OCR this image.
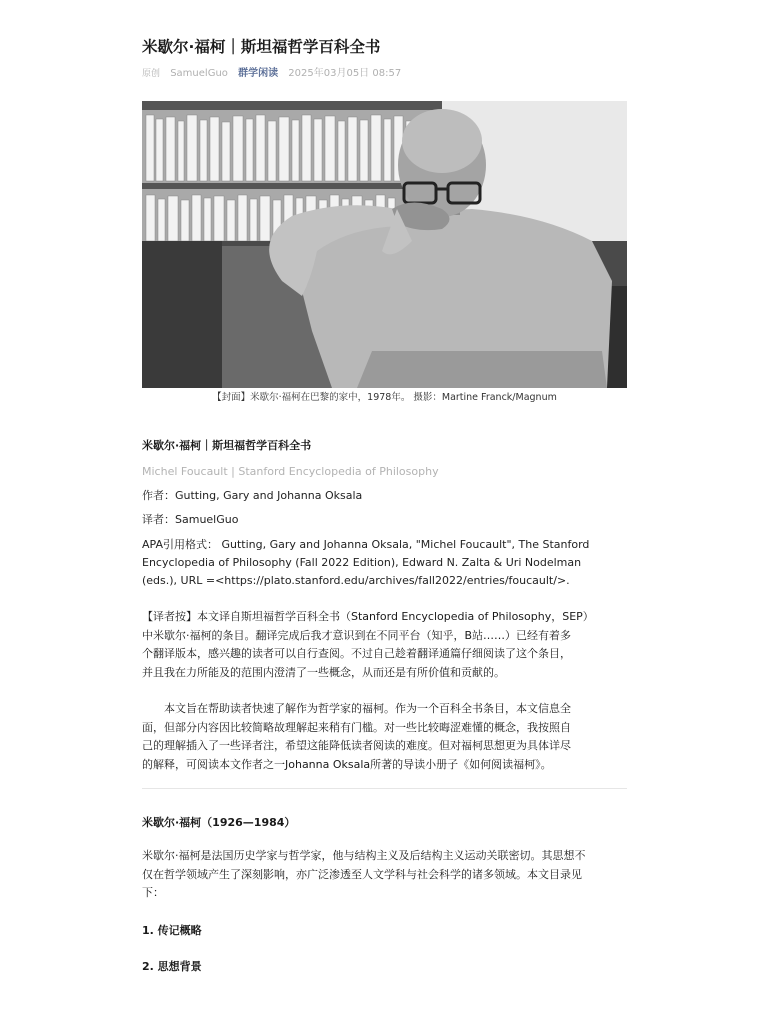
米歇尔·福柯｜斯坦福哲学百科全书
原创 SamuelGuo 群学闲读 2025年03月05日 08:57
【封面】米歇尔·福柯在巴黎的家中，1978年。 摄影：Martine Franck/Magnum
米歇尔·福柯｜斯坦福哲学百科全书
Michel Foucault | Stanford Encyclopedia of Philosophy
作者：Gutting, Gary and Johanna Oksala
译者：SamuelGuo
APA引用格式： Gutting, Gary and Johanna Oksala, "Michel Foucault", The Stanford
Encyclopedia of Philosophy (Fall 2022 Edition), Edward N. Zalta & Uri Nodelman
(eds.), URL =<https://plato.stanford.edu/archives/fall2022/entries/foucault/>.
【译者按】本文译自斯坦福哲学百科全书（Stanford Encyclopedia of Philosophy，SEP）
中米歇尔·福柯的条目。翻译完成后我才意识到在不同平台（知乎，B站……）已经有着多
个翻译版本，感兴趣的读者可以自行查阅。不过自己趁着翻译通篇仔细阅读了这个条目，
并且我在力所能及的范围内澄清了一些概念，从而还是有所价值和贡献的。
　　本文旨在帮助读者快速了解作为哲学家的福柯。作为一个百科全书条目，本文信息全
面，但部分内容因比较简略故理解起来稍有门槛。对一些比较晦涩难懂的概念，我按照自
己的理解插入了一些译者注，希望这能降低读者阅读的难度。但对福柯思想更为具体详尽
的解释，可阅读本文作者之一Johanna Oksala所著的导读小册子《如何阅读福柯》。
米歇尔·福柯（1926—1984）
米歇尔·福柯是法国历史学家与哲学家，他与结构主义及后结构主义运动关联密切。其思想不
仅在哲学领域产生了深刻影响，亦广泛渗透至人文学科与社会科学的诸多领域。本文目录见
下：
1. 传记概略
2. 思想背景
